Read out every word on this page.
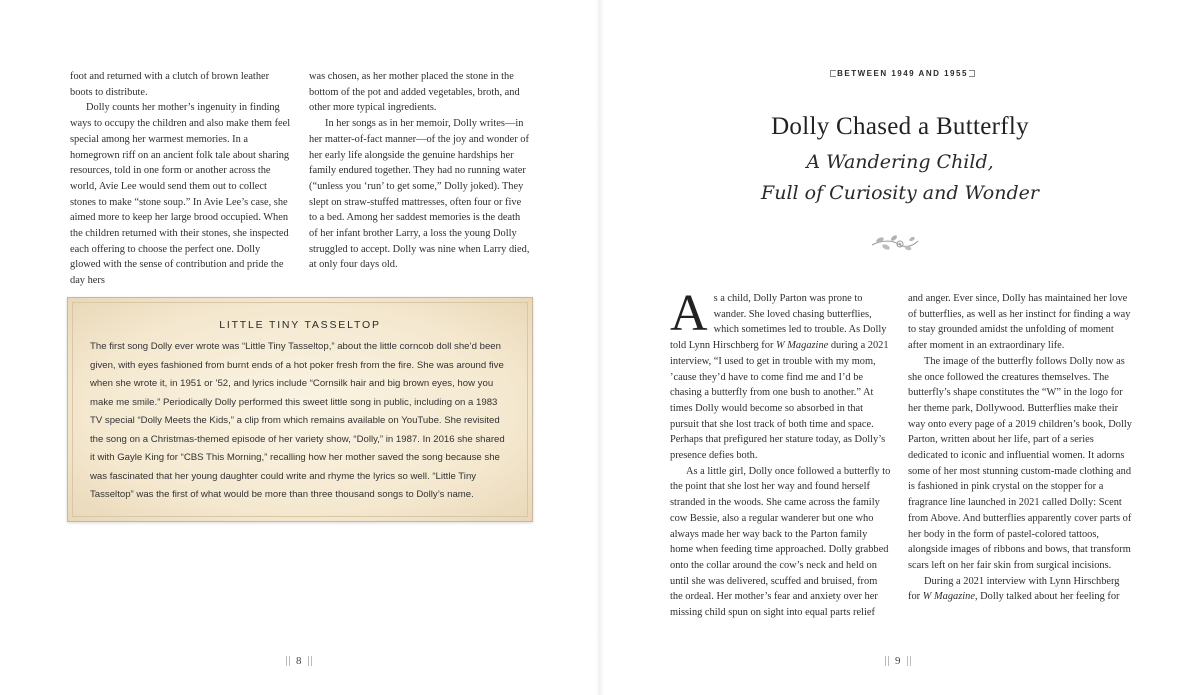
foot and returned with a clutch of brown leather boots to distribute.

Dolly counts her mother’s ingenuity in finding ways to occupy the children and also make them feel special among her warmest memories. In a homegrown riff on an ancient folk tale about sharing resources, told in one form or another across the world, Avie Lee would send them out to collect stones to make “stone soup.” In Avie Lee’s case, she aimed more to keep her large brood occupied. When the children returned with their stones, she inspected each offering to choose the perfect one. Dolly glowed with the sense of contribution and pride the day hers

was chosen, as her mother placed the stone in the bottom of the pot and added vegetables, broth, and other more typical ingredients.

In her songs as in her memoir, Dolly writes—in her matter-of-fact manner—of the joy and wonder of her early life alongside the genuine hardships her family endured together. They had no running water (“unless you ‘run’ to get some,” Dolly joked). They slept on straw-stuffed mattresses, often four or five to a bed. Among her saddest memories is the death of her infant brother Larry, a loss the young Dolly struggled to accept. Dolly was nine when Larry died, at only four days old.

LITTLE TINY TASSELTOP
The first song Dolly ever wrote was “Little Tiny Tasseltop,” about the little corncob doll she’d been given, with eyes fashioned from burnt ends of a hot poker fresh from the fire. She was around five when she wrote it, in 1951 or ’52, and lyrics include “Cornsilk hair and big brown eyes, how you make me smile.” Periodically Dolly performed this sweet little song in public, including on a 1983 TV special “Dolly Meets the Kids,” a clip from which remains available on YouTube. She revisited the song on a Christmas-themed episode of her variety show, “Dolly,” in 1987. In 2016 she shared it with Gayle King for “CBS This Morning,” recalling how her mother saved the song because she was fascinated that her young daughter could write and rhyme the lyrics so well. “Little Tiny Tasseltop” was the first of what would be more than three thousand songs to Dolly’s name.
8
BETWEEN 1949 AND 1955
Dolly Chased a Butterfly
A Wandering Child,
Full of Curiosity and Wonder

As a child, Dolly Parton was prone to wander. She loved chasing butterflies, which sometimes led to trouble. As Dolly told Lynn Hirschberg for W Magazine during a 2021 interview, “I used to get in trouble with my mom, ’cause they’d have to come find me and I’d be chasing a butterfly from one bush to another.” At times Dolly would become so absorbed in that pursuit that she lost track of both time and space. Perhaps that prefigured her stature today, as Dolly’s presence defies both.

As a little girl, Dolly once followed a butterfly to the point that she lost her way and found herself stranded in the woods. She came across the family cow Bessie, also a regular wanderer but one who always made her way back to the Parton family home when feeding time approached. Dolly grabbed onto the collar around the cow’s neck and held on until she was delivered, scuffed and bruised, from the ordeal. Her mother’s fear and anxiety over her missing child spun on sight into equal parts relief

and anger. Ever since, Dolly has maintained her love of butterflies, as well as her instinct for finding a way to stay grounded amidst the unfolding of moment after moment in an extraordinary life.

The image of the butterfly follows Dolly now as she once followed the creatures themselves. The butterfly’s shape constitutes the “W” in the logo for her theme park, Dollywood. Butterflies make their way onto every page of a 2019 children’s book, Dolly Parton, written about her life, part of a series dedicated to iconic and influential women. It adorns some of her most stunning custom-made clothing and is fashioned in pink crystal on the stopper for a fragrance line launched in 2021 called Dolly: Scent from Above. And butterflies apparently cover parts of her body in the form of pastel-colored tattoos, alongside images of ribbons and bows, that transform scars left on her fair skin from surgical incisions.

During a 2021 interview with Lynn Hirschberg for W Magazine, Dolly talked about her feeling for

9
